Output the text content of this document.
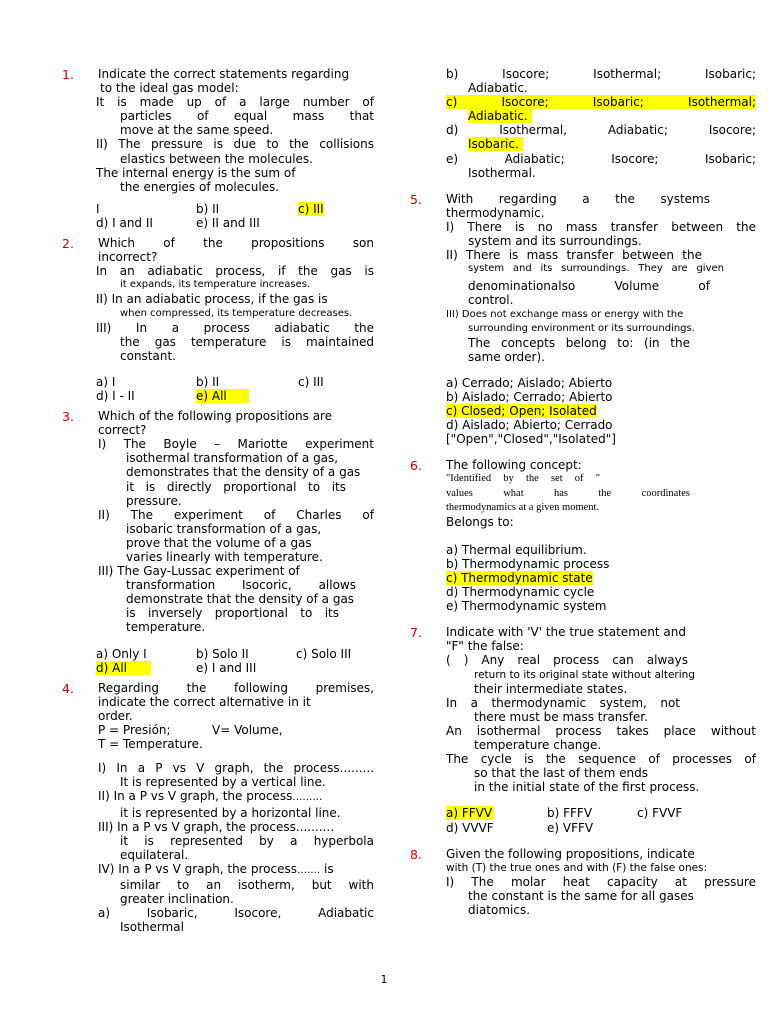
1. Indicate the correct statements regarding
to the ideal gas model:
It is made up of a large number of
particles of equal mass that
move at the same speed.
II) The pressure is due to the collisions
elastics between the molecules.
The internal energy is the sum of
the energies of molecules.
I	b) II	c) III
d) I and II	e) II and III
2. Which of the propositions son
incorrect?
In an adiabatic process, if the gas is
it expands, its temperature increases.
II) In an adiabatic process, if the gas is
when compressed, its temperature decreases.
III) In a process adiabatic the
the gas temperature is maintained
constant.
a) I	b) II	c) III
d) I - II	e) All
3. Which of the following propositions are
correct?
I) The Boyle – Mariotte experiment
isothermal transformation of a gas,
demonstrates that the density of a gas
it is directly proportional to its
pressure.
II) The experiment of Charles of
isobaric transformation of a gas,
prove that the volume of a gas
varies linearly with temperature.
III) The Gay-Lussac experiment of
transformation Isocoric, allows
demonstrate that the density of a gas
is inversely proportional to its
temperature.
a) Only I	b) Solo II	c) Solo III
d) All	e) I and III
4. Regarding the following premises,
indicate the correct alternative in it
order.
P = Presión;	V= Volume,
T = Temperature.
I) In a P vs V graph, the process.........
It is represented by a vertical line.
II) In a P vs V graph, the process………
it is represented by a horizontal line.
III) In a P vs V graph, the process..........
it is represented by a hyperbola
equilateral.
IV) In a P vs V graph, the process……. is
similar to an isotherm, but with
greater inclination.
a) Isobaric, Isocore, Adiabatic
Isothermal
b) Isocore; Isothermal; Isobaric;
Adiabatic.
c) Isocore; Isobaric; Isothermal;
Adiabatic.
d) Isothermal, Adiabatic; Isocore;
Isobaric.
e) Adiabatic; Isocore; Isobaric;
Isothermal.
5. With regarding a the systems
thermodynamic.
I) There is no mass transfer between the
system and its surroundings.
II) There is mass transfer between the
system and its surroundings. They are given
denominationalso Volume of
control.
III) Does not exchange mass or energy with the
surrounding environment or its surroundings.
The concepts belong to: (in the
same order).
a) Cerrado; Aislado; Abierto
b) Aislado; Cerrado; Abierto
c) Closed; Open; Isolated
d) Aislado; Abierto; Cerrado
["Open","Closed","Isolated"]
6. The following concept:
"Identified by the set of "
values what has the coordinates
thermodynamics at a given moment.
Belongs to:
a) Thermal equilibrium.
b) Thermodynamic process
c) Thermodynamic state
d) Thermodynamic cycle
e) Thermodynamic system
7. Indicate with 'V' the true statement and
"F" the false:
( ) Any real process can always
return to its original state without altering
their intermediate states.
In a thermodynamic system, not
there must be mass transfer.
An isothermal process takes place without
temperature change.
The cycle is the sequence of processes of
so that the last of them ends
in the initial state of the first process.
a) FFVV	b) FFFV	c) FVVF
d) VVVF	e) VFFV
8. Given the following propositions, indicate
with (T) the true ones and with (F) the false ones:
I) The molar heat capacity at pressure
the constant is the same for all gases
diatomics.
1
